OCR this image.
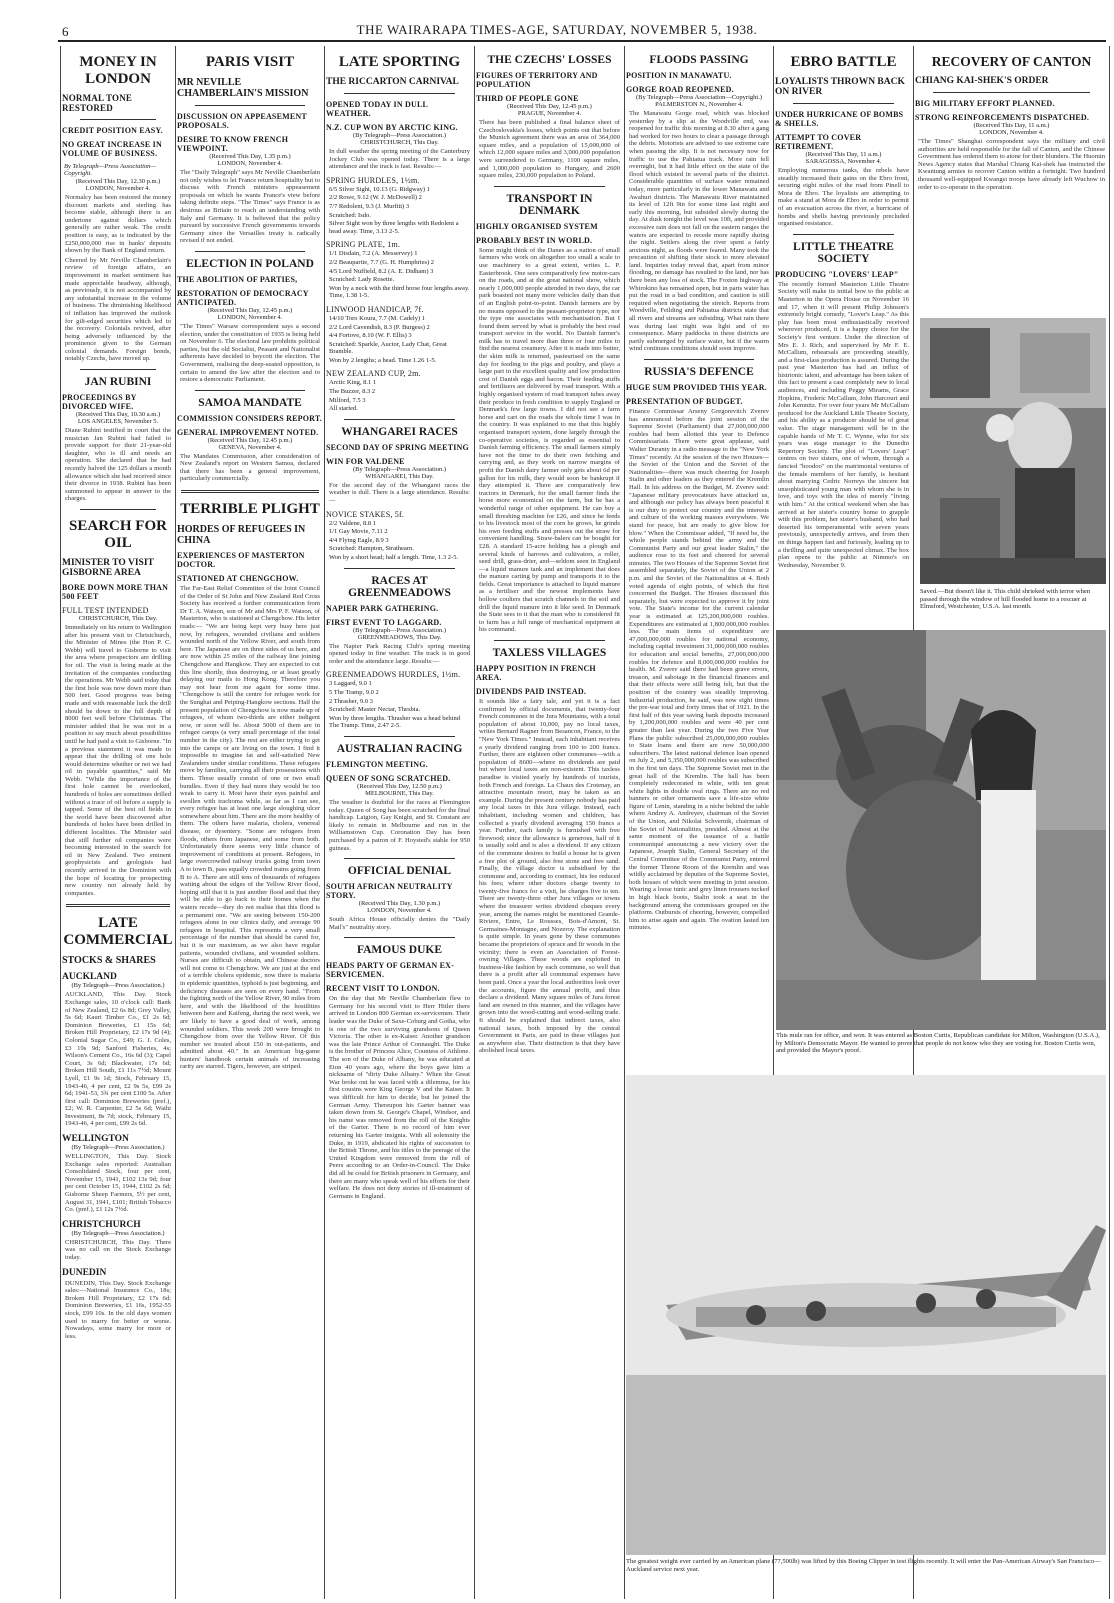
6	THE WAIRARAPA TIMES-AGE, SATURDAY, NOVEMBER 5, 1938.
MONEY IN LONDON
NORMAL TONE RESTORED
CREDIT POSITION EASY.
NO GREAT INCREASE IN VOLUME OF BUSINESS.
By Telegraph—Press Association—Copyright.
(Received This Day, 12.30 p.m.)
LONDON, November 4.

Normalcy has been restored the money discount markets and sterling has become stable, although there is an undertone against dollars which generally are rather weak. The credit position is easy, as is indicated by the £250,000,000 rise in banks' deposits shown by the Bank of England return.

Cheered by Mr Neville Chamberlain's review of foreign affairs, an improvement in market sentiment has made appreciable headway, although, as previously, it is not accompanied by any substantial increase in the volume of business. The diminishing likelihood of inflation has improved the outlook for gilt-edged securities which led to the recovery. Colonials revived, after being adversely influenced by the prominence given to the German colonial demands. Foreign bonds, notably Czechs, have moved up.

JAN RUBINI
PROCEEDINGS BY DIVORCED WIFE.
(Received This Day, 10.30 a.m.)
LOS ANGELES, November 5.

Diane Rubini testified in court that the musician Jan Rubini had failed to provide support for their 21-year-old daughter, who is ill and needs an operation. She declared that he had recently halved the 125 dollars a month allowance which she had received since their divorce in 1938. Rubini has been summoned to appear in answer to the charges.

SEARCH FOR OIL
MINISTER TO VISIT GISBORNE AREA
BORE DOWN MORE THAN 500 FEET
FULL TEST INTENDED
CHRISTCHURCH, This Day.

Immediately on his return to Wellington after his present visit to Christchurch, the Minister of Mines (the Hon P. C. Webb) will travel to Gisborne to visit the area where prospectors are drilling for oil. The visit is being made at the invitation of the companies conducting the operations. Mr Webb said today that the first hole was now down more than 500 feet. Good progress was being made and with reasonable luck the drill should be down to the full depth of 8000 feet well before Christmas. The minister added that he was not in a position to say much about possibilities until he had paid a visit to Gisborne. "In a previous statement it was made to appear that the drilling of one hole would determine whether or not we had oil in payable quantities," said Mr Webb. "While the importance of the first hole cannot be overlooked, hundreds of holes are sometimes drilled without a trace of oil before a supply is tapped. Some of the best oil fields in the world have been discovered after hundreds of holes have been drilled in different localities. The Minister said that still further oil companies were becoming interested in the search for oil in New Zealand. Two eminent geophysicists and geologists had recently arrived in the Dominion with the hope of locating for prospecting new country not already held by companies.

LATE COMMERCIAL
STOCKS & SHARES
AUCKLAND
(By Telegraph—Press Association.)

AUCKLAND, This Day. Stock Exchange sales, 10 o'clock call: Bank of New Zealand, £2 6s 8d; Grey Valley, 5s 6d; Kauri Timber Co., £1 2s 6d; Dominion Breweries, £1 15s 6d; Broken Hill Proprietary, £2 17s 9d (4); Colonial Sugar Co., £49; G. J. Coles, £3 19s 9d; Sanford Fisheries, 4s; Wilson's Cement Co., 16s 6d (3); Capel Court, 3s 6d; Blackwater, 17s 6d; Broken Hill South, £1 11s 7½d; Mount Lyell, £1 9s 1d; Stock, February 15, 1943-46, 4 per cent, £2 9s 5s, £99 2s 6d; 1941-53, 3¾ per cent £100 5s. After first call: Dominion Breweries (pref.), £2; W. R. Carpenter, £2 5s 6d; Waihi Investment, 8s 7d; stock, February 15, 1943-46, 4 per cent, £99 2s 6d.

WELLINGTON
(By Telegraph—Press Association.)

WELLINGTON, This Day. Stock Exchange sales reported: Australian Consolidated Stock, four per cent, November 15, 1941, £102 13s 9d; four per cent October 15, 1944, £102 2s 6d; Gisborne Sheep Farmers, 5½ per cent, August 31, 1941, £101; British Tobacco Co. (pref.), £1 12s 7½d.

CHRISTCHURCH
(By Telegraph—Press Association.)

CHRISTCHURCH, This Day. There was no call on the Stock Exchange today.

DUNEDIN

DUNEDIN, This Day. Stock Exchange sales:—National Insurance Co., 18s; Broken Hill Proprietary, £2 17s 6d; Dominion Breweries, £1 16s, 1952-55 stock, £99 10s. In the old days women used to marry for better or worse. Nowadays, some marry for more or less.

PARIS VISIT
MR NEVILLE CHAMBERLAIN'S MISSION
DISCUSSION ON APPEASEMENT PROPOSALS.
DESIRE TO KNOW FRENCH VIEWPOINT.
(Received This Day, 1.35 p.m.)
LONDON, November 4.

The "Daily Telegraph" says Mr Neville Chamberlain not only wishes to let France return hospitality but to discuss with French ministers appeasement proposals on which he wants France's view before taking definite steps. "The Times" says France is as desirous as Britain to reach an understanding with Italy and Germany. It is believed that the policy pursued by successive French governments towards Germany since the Versailles treaty is radically revised if not ended.

ELECTION IN POLAND
THE ABOLITION OF PARTIES,
RESTORATION OF DEMOCRACY ANTICIPATED.
(Received This Day, 12.45 p.m.)
LONDON, November 4.

"The Times" Warsaw correspondent says a second election, under the constitution of 1935 is being held on November 6. The electoral law prohibits political parties, but the old Socialist, Peasant and Nationalist adherents have decided to boycott the election. The Government, realising the deep-seated opposition, is certain to amend the law after the election and to restore a democratic Parliament.

SAMOA MANDATE
COMMISSION CONSIDERS REPORT.
GENERAL IMPROVEMENT NOTED.
(Received This Day, 12.45 p.m.)
GENEVA, November 4.

The Mandates Commission, after consideration of New Zealand's report on Western Samoa, declared that there has been a general improvement, particularly commercially.

TERRIBLE PLIGHT
HORDES OF REFUGEES IN CHINA
EXPERIENCES OF MASTERTON DOCTOR.
STATIONED AT CHENGCHOW.

The Far-East Relief Committee of the Joint Council of the Order of St John and New Zealand Red Cross Society has received a further communication from Dr T. A. Watson, son of Mr and Mrs P. F. Watson, of Masterton, who is stationed at Chengchow. His letter reads:— "We are being kept very busy here just now, by refugees, wounded civilians and soldiers wounded north of the Yellow River, and south from here. The Japanese are on three sides of us here, and are now within 25 miles of the railway line joining Chengchow and Hangkow. They are expected to cut this line shortly, thus destroying, or at least greatly delaying our mails to Hong Kong. Therefore you may not hear from me again for some time. "Chengchow is still the centre for refugee work for the Sunghai and Peiping-Hangkow sections. Half the present population of Chengchow is now made up of refugees, of whom two-thirds are either indigent now, or soon will be. About 5000 of them are in refugee camps (a very small percentage of the total number in the city). The rest are either trying to get into the camps or are living on the town. I find it impossible to imagine fat and self-satisfied New Zealanders under similar conditions. These refugees move by families, carrying all their possessions with them. These usually consist of one or two small bundles. Even if they had more they would be too weak to carry it. Most have their eyes painful and swollen with trachoma while, as far as I can see, every refugee has at least one large sloughing ulcer somewhere about him. There are the more healthy of them. The others have malaria, cholera, venereal disease, or dysentery. "Some are refugees from floods, others from Japanese, and some from both. Unfortunately there seems very little chance of improvement of conditions at present. Refugees, in large overcrowded railway trucks going from town A to town B, pass equally crowded trains going from B to A. There are still tens of thousands of refugees waiting about the edges of the Yellow River flood, hoping still that it is just another flood and that they will be able to go back to their homes when the waters recede—they do not realise that this flood is a permanent one. "We are seeing between 150-200 refugees alone in our clinics daily, and average 90 refugees in hospital. This represents a very small percentage of the number that should be cared for, but it is our maximum, as we also have regular patients, wounded civilians, and wounded soldiers. Nurses are difficult to obtain, and Chinese doctors will not come to Chengchow. We are just at the end of a terrible cholera epidemic, now there is malaria in epidemic quantities, typhoid is just beginning, and deficiency diseases are seen on every hand. "From the fighting north of the Yellow River, 90 miles from here, and with the likelihood of the hostilities between here and Kaifeng, during the next week, we are likely to have a good deal of work, among wounded soldiers. This week 200 were brought to Chengchow from over the Yellow River. Of this number we treated about 150 in out-patients, and admitted about 40." In an American big-game hunters' handbook certain animals of increasing rarity are starred. Tigers, however, are striped.

LATE SPORTING
THE RICCARTON CARNIVAL
OPENED TODAY IN DULL WEATHER.
N.Z. CUP WON BY ARCTIC KING.
(By Telegraph—Press Association.)
CHRISTCHURCH, This Day.

In dull weather the spring meeting of the Canterbury Jockey Club was opened today. There is a large attendance and the track is fast. Results:—

SPRING HURDLES, 1½m.
6/5 Silver Sight, 10.13 (G. Ridgway) 1
2/2 Rowe, 9.12 (W. J. McDowell) 2
7/7 Redolent, 9.3 (J. Murfitt) 3
Scratched: Isdo.
Silver Sight won by three lengths with Redolent a head away. Time, 3.13 2-5.
SPRING PLATE, 1m.
1/1 Disdain, 7.2 (A. Messervey) 1
2/2 Beaupartie, 7.7 (G. H. Humphries) 2
4/5 Lord Nuffield, 8.2 (A. E. Didham) 3
Scratched: Lady Rosette.
Won by a neck with the third horse four lengths away. Time, 1.38 1-5.
LINWOOD HANDICAP, 7f.
14/10 Toro Koura, 7.7 (M. Cadely) 1
2/2 Lord Cavendish, 8.3 (P. Burgess) 2
4/4 Fortove, 8.10 (W. F. Ellis) 3
Scratched: Sparkle, Auctor, Lady Chat, Great Bramble.
Won by 2 lengths; a head. Time 1.26 1-5.
NEW ZEALAND CUP, 2m.
Arctic King, 8.1 1
The Buzzer, 8.3 2
Milford, 7.5 3
All started.
WHANGAREI RACES
SECOND DAY OF SPRING MEETING
WIN FOR VALDENE
(By Telegraph—Press Association.)
WHANGAREI, This Day.

For the second day of the Whangarei races the weather is dull. There is a large attendance. Results:—

NOVICE STAKES, 5f.
2/2 Valdene, 8.8 1
1/1 Gay Movie, 7.11 2
4/4 Flying Eagle, 8.9 3
Scratched: Hampton, Strathearn.
Won by a short head; half a length. Time, 1.3 2-5.
RACES AT GREENMEADOWS
NAPIER PARK GATHERING.
FIRST EVENT TO LAGGARD.
(By Telegraph—Press Association.)
GREENMEADOWS, This Day.

The Napier Park Racing Club's spring meeting opened today in fine weather. The track is in good order and the attendance large. Results:—

GREENMEADOWS HURDLES, 1½m.
3 Laggard, 9.0 1
5 The Tramp, 9.0 2
2 Thrasher, 9.0 3
Scratched: Master Nectar, Thesbia.
Won by three lengths. Thrasher was a head behind The Tramp. Time, 2.47 2-5.
AUSTRALIAN RACING
FLEMINGTON MEETING.
QUEEN OF SONG SCRATCHED.
(Received This Day, 12.50 p.m.)
MELBOURNE, This Day.

The weather is doubtful for the races at Flemington today. Queen of Song has been scratched for the final handicap. Laigion, Gay Knight, and St. Constant are likely to remain in Melbourne and run in the Williamstown Cup. Coronation Day has been purchased by a patron of F. Hoysted's stable for 950 guineas.

OFFICIAL DENIAL
SOUTH AFRICAN NEUTRALITY STORY.
(Received This Day, 1.30 p.m.)
LONDON, November 4.

South Africa House officially denies the "Daily Mail's" neutrality story.

FAMOUS DUKE
HEADS PARTY OF GERMAN EX-SERVICEMEN.
RECENT VISIT TO LONDON.

On the day that Mr Neville Chamberlain flew to Germany for his second visit to Herr Hitler there arrived in London 800 German ex-servicemen. Their leader was the Duke of Saxe-Coburg and Gotha, who is one of the two surviving grandsons of Queen Victoria. The other is ex-Kaiser. Another grandson was the late Prince Arthur of Connaught. The Duke is the brother of Princess Alice, Countess of Athlone. The son of the Duke of Albany, he was educated at Eton 40 years ago, where the boys gave him a nickname of "dirty Duke Albany." When the Great War broke out he was faced with a dilemma, for his first cousins were King George V and the Kaiser. It was difficult for him to decide, but he joined the German Army. Thereupon his Garter banner was taken down from St. George's Chapel, Windsor, and his name was removed from the roll of the Knights of the Garter. There is no record of him ever returning his Garter insignia. With all solemnity the Duke, in 1919, abdicated his rights of succession to the British Throne, and his titles to the peerage of the United Kingdom were removed from the roll of Peers according to an Order-in-Council. The Duke did all he could for British prisoners in Germany, and there are many who speak well of his efforts for their welfare. He does not deny stories of ill-treatment of Germans in England.

THE CZECHS' LOSSES
FIGURES OF TERRITORY AND POPULATION
THIRD OF PEOPLE GONE
(Received This Day, 12.45 p.m.)
PRAGUE, November 4.

There has been published a final balance sheet of Czechoslovakia's losses, which points out that before the Munich agreement there was an area of 364,000 square miles, and a population of 15,000,000 of which 12,000 square miles and 3,000,000 population were surrendered to Germany, 1100 square miles, and 1,000,000 population to Hungary, and 2600 square miles, 230,000 population to Poland.

TRANSPORT IN DENMARK
HIGHLY ORGANISED SYSTEM
PROBABLY BEST IN WORLD.

Some might think of the Danes as a nation of small farmers who work on altogether too small a scale to use machinery to a great extent, writes L. P. Easterbrook. One sees comparatively few motor-cars on the roads, and at the great national show, which nearly 1,000,000 people attended in two days, the car park boasted not many more vehicles daily than that of an English point-to-point. Danish farmers are by no means opposed to the peasant-proprietor type, nor the type one associates with mechanisation. But I found them served by what is probably the best road transport service in the world. No Danish farmer's milk has to travel more than three or four miles to find the nearest creamery. After it is made into butter, the skim milk is returned, pasteurised on the same day for feeding to the pigs and poultry, and plays a large part in the excellent quality and low production cost of Danish eggs and bacon. Their feeding stuffs and fertilisers are delivered by road transport. With a highly organised system of road transport tubes away their produce in fresh condition to supply England or Denmark's few large towns. I did not see a farm horse and cart on the roads the whole time I was in the country. It was explained to me that this highly organised transport system, done largely through the co-operative societies, is regarded as essential to Danish farming efficiency. The small farmers simply have not the time to do their own fetching and carrying and, as they work on narrow margins of profit the Danish dairy farmer only gets about 6d per gallon for his milk, they would soon be bankrupt if they attempted it. There are comparatively few tractors in Denmark, for the small farmer finds the horse more economical on the farm, but he has a wonderful range of other equipment. He can buy a small threshing machine for £26, and since he feeds to his livestock most of the corn he grows, he grinds his own feeding stuffs and presses out the straw for convenient handling. Straw-balers can be bought for £28. A standard 15-acre holding has a plough and several kinds of harrows and cultivators, a roller, seed drill, grass-drier, and—seldom seen in England—a liquid manure tank and an implement that does the manure carting by pump and transports it to the fields. Great importance is attached to liquid manure as a fertiliser and the newest implements have hollow coulters that scratch channels in the soil and drill the liquid manure into it like seed. In Denmark the State sees to it that the man who is considered fit to farm has a full range of mechanical equipment at his command.

TAXLESS VILLAGES
HAPPY POSITION IN FRENCH AREA.
DIVIDENDS PAID INSTEAD.

It sounds like a fairy tale, and yet it is a fact confirmed by official documents, that twenty-four French communes in the Jura Mountains, with a total population of about 10,000, pay no local taxes, writes Bernard Ragner from Besancon, France, to the "New York Times." Instead, each inhabitant receives a yearly dividend ranging from 100 to 200 francs. Further, there are eighteen other communes—with a population of 8600—where no dividends are paid but where local taxes are non-existent. This taxless paradise is visited yearly by hundreds of tourists, both French and foreign. La Chaux des Crotenay, an attractive mountain resort, may be taken as an example. During the present century nobody has paid any local taxes in this Jura village. Instead, each inhabitant, including women and children, has collected a yearly dividend averaging 150 francs a year. Further, each family is furnished with free firewood; since the allowance is generous, half of it is usually sold and is also a dividend. If any citizen of the commune desires to build a house he is given a free plot of ground, also free stone and free sand. Finally, the village doctor is subsidised by the commune and, according to contract, his fee reduced his fees; where other doctors charge twenty to twenty-five francs for a visit, he charges five to ten. There are twenty-three other Jura villages or towns where the treasurer writes dividend cheques every year, among the names might be mentioned Grande-Riviere, Entre, Le Rousses, Bois-d'Amont, St. Germaines-Montagne, and Nozeroy. The explanation is quite simple. In years gone by these communes became the proprietors of spruce and fir woods in the vicinity; there is even an Association of Forest-owning Villages. These woods are exploited in business-like fashion by each commune, so well that there is a profit after all communal expenses have been paid. Once a year the local authorities look over the accounts, figure the annual profit, and thus declare a dividend. Many square miles of Jura forest land are owned in this manner, and the villages have grown into the wood-cutting and wood-selling trade. It should be explained that indirect taxes, also national taxes, both imposed by the central Government in Paris, are paid in these villages just as anywhere else. Their distinction is that they have abolished local taxes.

FLOODS PASSING
POSITION IN MANAWATU.
GORGE ROAD REOPENED.
(By Telegraph—Press Association—Copyright.)
PALMERSTON N., November 4.

The Manawatu Gorge road, which was blocked yesterday by a slip at the Woodville end, was reopened for traffic this morning at 8.30 after a gang had worked for two hours to clear a passage through the debris. Motorists are advised to use extreme care when passing the slip. It is not necessary now for traffic to use the Pahiatua track. More rain fell overnight, but it had little effect on the state of the flood which existed in several parts of the district. Considerable quantities of surface water remained today, more particularly in the lower Manawatu and Awahuri districts. The Manawatu River maintained its level of 12ft 9in for some time last night and early this morning, but subsided slowly during the day. At dusk tonight the level was 10ft, and provided excessive rain does not fall on the eastern ranges the waters are expected to recede more rapidly during the night. Settlers along the river spent a fairly anxious night, as floods were feared. Many took the precaution of shifting their stock to more elevated land. Inquiries today reveal that, apart from minor flooding, no damage has resulted to the land, nor has there been any loss of stock. The Foxton highway at Whirokino has remained open, but in parts water has put the road in a bad condition, and caution is still required when negotiating the stretch. Reports from Woodville, Feilding and Pahiatua districts state that all rivers and streams are subsiding. What rain there was during last night was light and of no consequence. Many paddocks in these districts are partly submerged by surface water, but if the warm wind continues conditions should soon improve.

RUSSIA'S DEFENCE
HUGE SUM PROVIDED THIS YEAR.
PRESENTATION OF BUDGET.

Finance Commissar Arseny Gregorevitch Zverev has announced before the joint session of the Supreme Soviet (Parliament) that 27,000,000,000 roubles had been allotted this year to Defence Commissariats. There were great applause, said Walter Duranty in a radio message to the "New York Times" recently. At the session of the two Houses—the Soviet of the Union and the Soviet of the Nationalities—there was much cheering for Joseph Stalin and other leaders as they entered the Kremlin Hall. In his address on the Budget, M. Zverev said: "Japanese military provocateurs have attacked us, and although our policy has always been peaceful it is our duty to protect our country and the interests and culture of the working masses everywhere. We stand for peace, but are ready to give blow for blow." When the Commissar added, "If need be, the whole people stands behind the army and the Communist Party and our great leader Stalin," the audience rose to its feet and cheered for several minutes. The two Houses of the Supreme Soviet first assembled separately, the Soviet of the Union at 2 p.m. and the Soviet of the Nationalities at 4. Both voted agenda of eight points, of which the first concerned the Budget. The Houses discussed this separately, but were expected to approve it by joint vote. The State's income for the current calendar year is estimated at 125,200,000,000 roubles. Expenditures are estimated at 1,800,000,000 roubles less. The main items of expenditure are 47,000,000,000 roubles for national economy, including capital investment 31,000,000,000 roubles for education and social benefits, 27,000,000,000 roubles for defence and 8,000,000,000 roubles for health. M. Zverev said there had been grave errors, treason, and sabotage in the financial finances and that their effects were still being felt, but that the position of the country was steadily improving. Industrial production, he said, was now eight times the pre-war total and forty times that of 1921. In the first half of this year saving bank deposits increased by 1,200,000,000 roubles and were 40 per cent greater than last year. During the two Five Year Plans the public subscribed 25,000,000,000 roubles to State loans and there are now 50,000,000 subscribers. The latest national defence loan opened on July 2, and 5,350,000,000 roubles was subscribed in the first ten days. The Supreme Soviet met in the great hall of the Kremlin. The hall has been completely redecorated in white, with ten great white lights in double oval rings. There are no red banners or other ornaments save a life-size white figure of Lenin, standing in a niche behind the table where Andrey A. Andreyev, chairman of the Soviet of the Union, and Nikolai Schvernik, chairman of the Soviet of Nationalities, presided. Almost at the same moment of the issuance of a battle communiqué announcing a new victory over the Japanese, Joseph Stalin, General Secretary of the Central Committee of the Communist Party, entered the former Throne Room of the Kremlin and was wildly acclaimed by deputies of the Supreme Soviet, both houses of which were meeting in joint session. Wearing a loose tunic and grey linen trousers tucked in high black boots, Stalin took a seat in the background among the commissars grouped on the platform. Outbursts of cheering, however, compelled him to arise again and again. The ovation lasted ten minutes.

EBRO BATTLE
LOYALISTS THROWN BACK ON RIVER
UNDER HURRICANE OF BOMBS & SHELLS.
ATTEMPT TO COVER RETIREMENT.
(Received This Day, 11 a.m.)
SARAGOSSA, November 4.

Employing numerous tanks, the rebels have steadily increased their gains on the Ebro front, securing eight miles of the road from Pinell to Mora de Ebro. The loyalists are attempting to make a stand at Mora de Ebro in order to permit of an evacuation across the river, a hurricane of bombs and shells having previously precluded organised resistance.

LITTLE THEATRE SOCIETY
PRODUCING "LOVERS' LEAP"

The recently formed Masterton Little Theatre Society will make its initial bow to the public at Masterton in the Opera House on November 16 and 17, when it will present Philip Johnson's extremely bright comedy, "Lover's Leap." As this play has been most enthusiastically received wherever produced, it is a happy choice for the Society's first venture. Under the direction of Mrs E. J. Rich, and supervised by Mr F. E. McCallum, rehearsals are proceeding steadily, and a first-class production is assured. During the past year Masterton has had an influx of histrionic talent, and advantage has been taken of this fact to present a cast completely new to local audiences, and including Peggy Mirams, Grace Hopkins, Frederic McCallum, John Harcourt and John Kemnitz. For over four years Mr McCallum produced for the Auckland Little Theatre Society, and his ability as a producer should be of great value. The stage management will be in the capable hands of Mr T. C. Wynne, who for six years was stage manager to the Dunedin Repertory Society. The plot of "Lovers' Leap" centres on two sisters, one of whom, through a fancied "hoodoo" on the matrimonial ventures of the female members of her family, is hesitant about marrying Cedric Norreys the sincere but unsophisticated young man with whom she is in love, and toys with the idea of merely "living with him." At the critical weekend when she has arrived at her sister's country home to grapple with this problem, her sister's husband, who had deserted his temperamental wife seven years previously, unexpectedly arrives, and from then on things happen fast and furiously, leading up to a thrilling and quite unexpected climax. The box plan opens to the public at Nimmo's on Wednesday, November 9.

RECOVERY OF CANTON
CHIANG KAI-SHEK'S ORDER
BIG MILITARY EFFORT PLANNED.
STRONG REINFORCEMENTS DISPATCHED.
(Received This Day, 11 a.m.)
LONDON, November 4.

"The Times" Shanghai correspondent says the military and civil authorities are held responsible for the fall of Canton, and the Chinese Government has ordered them to atone for their blunders. The Huomin News Agency states that Marshal Chiang Kai-shek has instructed the Kwantung armies to recover Canton within a fortnight. Two hundred thousand well-equipped Kwangsi troops have already left Wuchow in order to co-operate in the operation.

Saved.—But doesn't like it. This child shrieked with terror when passed through the window of hill flooded home to a rescuer at Elmsford, Westchester, U.S.A. last month.
This mule ran for office, and won. It was entered as Boston Curtis, Republican candidate for Milton, Washington (U.S.A.), by Milton's Democratic Mayor. He wanted to prove that people do not know who they are voting for. Boston Curtis won, and provided the Mayor's proof.
The greatest weight ever carried by an American plane (77,500lb) was lifted by this Boeing Clipper in test flights recently. It will enter the Pan-American Airway's San Francisco—Auckland service next year.
